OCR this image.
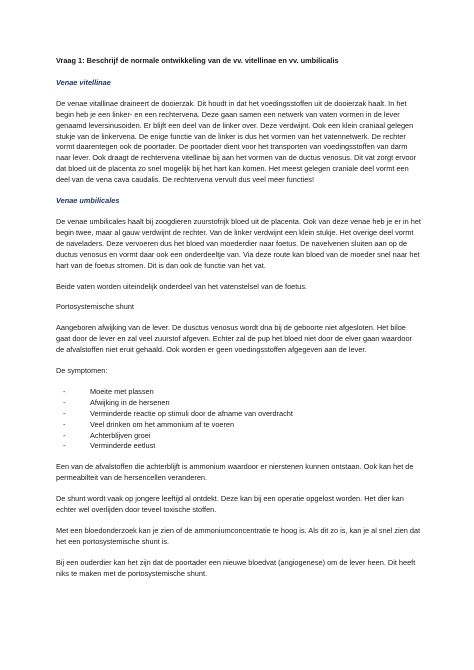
Vraag 1: Beschrijf de normale ontwikkeling van de vv. vitellinae en vv. umbilicalis
Venae vitellinae

De venae vitallinae draineert de dooierzak. Dit houdt in dat het voedingsstoffen uit de dooierzak haalt. In het begin heb je een linker- en een rechtervena. Deze gaan samen een netwerk van vaten vormen in de lever genaamd leversinusoiden. Er blijft een deel van de linker over. Deze verdwijnt. Ook een klein craniaal gelegen stukje van de linkervena. De enige functie van de linker is dus het vormen van het vatennetwerk. De rechter vormt daarentegen ook de poortader. De poortader dient voor het transporten van voedingsstoffen van darm naar lever. Ook draagt de rechtervena vitellinae bij aan het vormen van de ductus venosus. Dit vat zorgt ervoor dat bloed uit de placenta zo snel mogelijk bij het hart kan komen. Het meest gelegen craniale deel vormt een deel van de vena cava caudalis. De rechtervena vervult dus veel meer functies!

Venae umbilicales

De venae umbilicales haalt bij zoogdieren zuurstofrijk bloed uit de placenta. Ook van deze venae heb je er in het begin twee, maar al gauw verdwijnt de rechter. Van de linker verdwijnt een klein stukje. Het overige deel vormt de naveladers. Deze vervoeren dus het bloed van moederdier naar foetus. De navelvenen sluiten aan op de ductus venosus en vormt daar ook een onderdeeltje van. Via deze route kan bloed van de moeder snel naar het hart van de foetus stromen. Dit is dan ook de functie van het vat.

Beide vaten worden uiteindelijk onderdeel van het vatenstelsel van de foetus.

Portosystemische shunt

Aangeboren afwijking van de lever. De dusctus venosus wordt dna bij de geboorte niet afgesloten. Het biloe gaat door de lever en zal veel zuurstof afgeven. Echter zal de pup het bloed niet door de elver gaan waardoor de afvalstoffen niet eruit gehaald. Ook worden er geen voedingsstoffen afgegeven aan de lever.

De symptomen:

-	Moeite met plassen
-	Afwijking in de hersenen
-	Verminderde reactie op stimuli door de afname van overdracht
-	Veel drinken om het ammonium af te voeren
-	Achterblijven groei
-	Verminderde eetlust

Een van de afvalstoffen die achterblijft is ammonium waardoor er nierstenen kunnen ontstaan. Ook kan het de permeabilteit van de hersencellen veranderen.

De shunt wordt vaak op jongere leeftijd al ontdekt. Deze kan bij een operatie opgelost worden. Het dier kan echter wel overlijden door teveel toxische stoffen.

Met een bloedonderzoek kan je zien of de ammoniumconcentratie te hoog is. Als dit zo is, kan je al snel zien dat het een portosystemische shunt is.

Bij een ouderdier kan het zijn dat de poortader een nieuwe bloedvat (angiogenese) om de lever heen. Dit heeft niks te maken met de portosystemische shunt.
